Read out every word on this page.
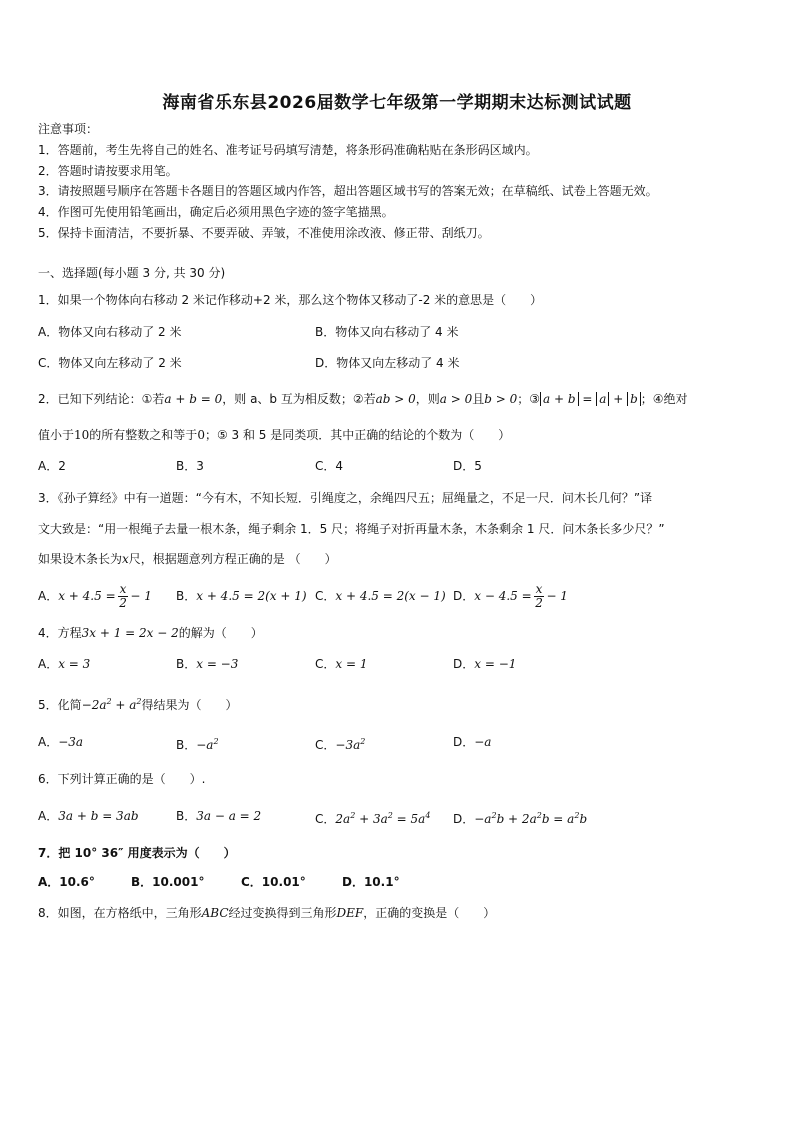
海南省乐东县2026届数学七年级第一学期期末达标测试试题
注意事项：
1．答题前，考生先将自己的姓名、准考证号码填写清楚，将条形码准确粘贴在条形码区域内。
2．答题时请按要求用笔。
3．请按照题号顺序在答题卡各题目的答题区域内作答，超出答题区域书写的答案无效；在草稿纸、试卷上答题无效。
4．作图可先使用铅笔画出，确定后必须用黑色字迹的签字笔描黑。
5．保持卡面清洁，不要折暴、不要弄破、弄皱，不准使用涂改液、修正带、刮纸刀。
一、选择题(每小题 3 分, 共 30 分)
1．如果一个物体向右移动 2 米记作移动+2 米，那么这个物体又移动了-2 米的意思是（　　）
A．物体又向右移动了 2 米	B．物体又向右移动了 4 米
C．物体又向左移动了 2 米	D．物体又向左移动了 4 米
2．已知下列结论：①若a + b = 0，则 a、b 互为相反数；②若ab > 0，则a > 0且b > 0；③ a + b = a + b ；④绝对
值小于10的所有整数之和等于0；⑤ 3 和 5 是同类项．其中正确的结论的个数为（　　）
A．2	B．3	C．4	D．5
3．《孙子算经》中有一道题：“今有木，不知长短．引绳度之，余绳四尺五；屈绳量之，不足一尺．问木长几何？”译
文大致是：“用一根绳子去量一根木条，绳子剩余 1．5 尺；将绳子对折再量木条，木条剩余 1 尺．问木条长多少尺？”
如果设木条长为x尺，根据题意列方程正确的是 （　　）
A． $x + 4.5 = \frac{x}{2} - 1$ B．x + 4.5 = 2(x + 1) C．x + 4.5 = 2(x − 1) D． $x - 4.5 = \frac{x}{2} - 1$
4．方程3x + 1 = 2x − 2的解为（　　）
A．x = 3	B．x = −3	C．x = 1	D．x = −1
5．化简$-2a^2 + a^2$得结果为（　　）
A．−3a	B．$-a^2$	C．$-3a^2$	D．−a
6．下列计算正确的是（　　）.
A．3a + b = 3ab	B．3a − a = 2	C．$2a^2 + 3a^2 = 5a^4$ D．$-a^2b + 2a^2b = a^2b$
7．把 10° 36″ 用度表示为（　　）
A．10.6°	B．10.001°	C．10.01°	D．10.1°
8．如图，在方格纸中，三角形ABC经过变换得到三角形DEF，正确的变换是（　　）
